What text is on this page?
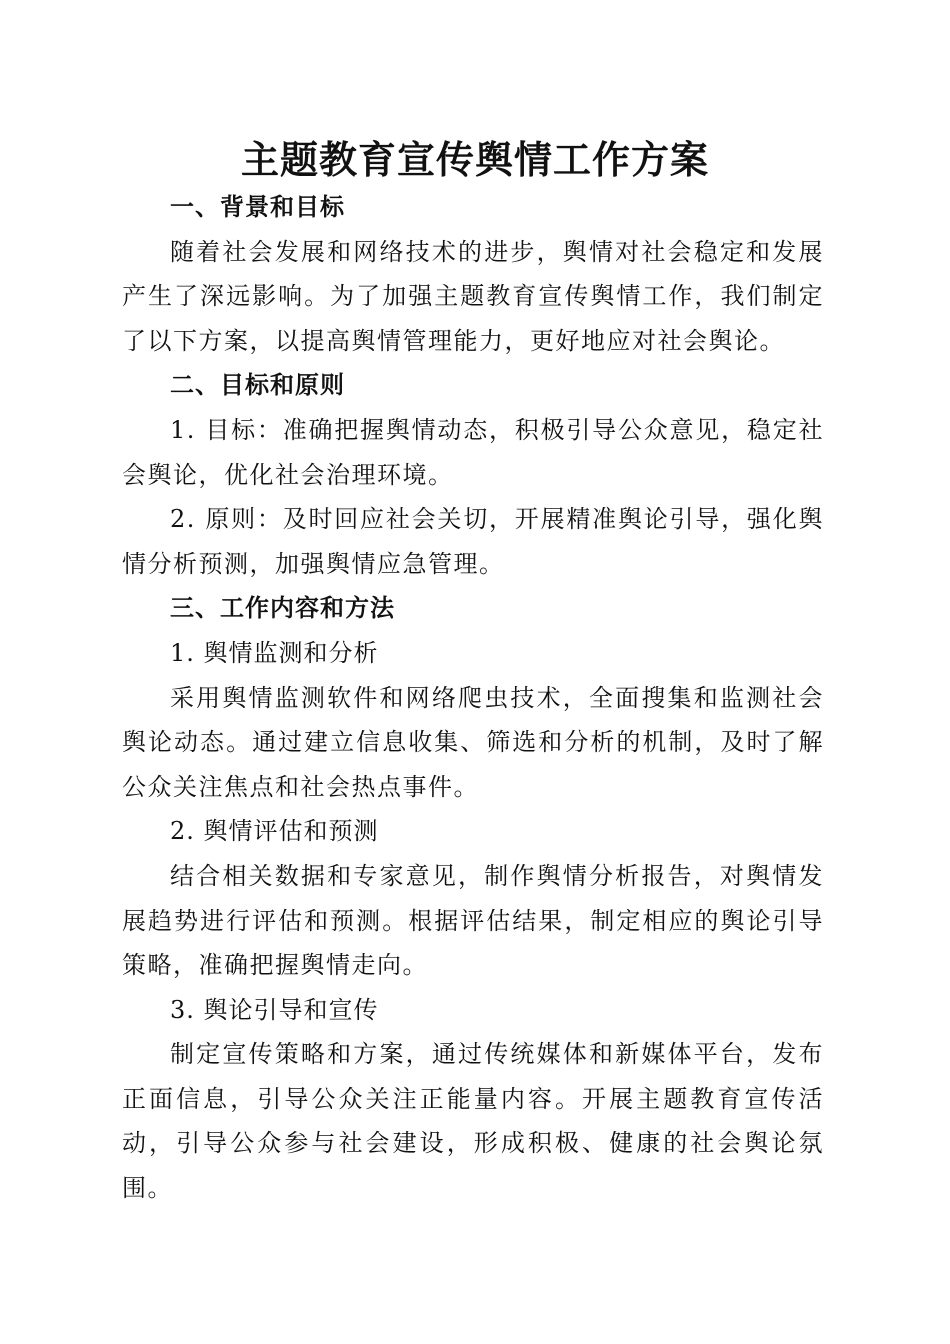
主题教育宣传舆情工作方案

一、背景和目标

随着社会发展和网络技术的进步，舆情对社会稳定和发展产生了深远影响。为了加强主题教育宣传舆情工作，我们制定了以下方案，以提高舆情管理能力，更好地应对社会舆论。

二、目标和原则

1. 目标：准确把握舆情动态，积极引导公众意见，稳定社会舆论，优化社会治理环境。

2. 原则：及时回应社会关切，开展精准舆论引导，强化舆情分析预测，加强舆情应急管理。

三、工作内容和方法

1. 舆情监测和分析

采用舆情监测软件和网络爬虫技术，全面搜集和监测社会舆论动态。通过建立信息收集、筛选和分析的机制，及时了解公众关注焦点和社会热点事件。

2. 舆情评估和预测

结合相关数据和专家意见，制作舆情分析报告，对舆情发展趋势进行评估和预测。根据评估结果，制定相应的舆论引导策略，准确把握舆情走向。

3. 舆论引导和宣传

制定宣传策略和方案，通过传统媒体和新媒体平台，发布正面信息，引导公众关注正能量内容。开展主题教育宣传活动，引导公众参与社会建设，形成积极、健康的社会舆论氛围。
